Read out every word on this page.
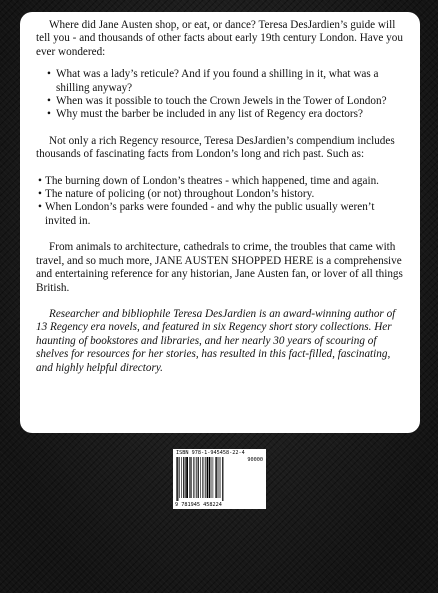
Where did Jane Austen shop, or eat, or dance? Teresa DesJardien’s guide will tell you - and thousands of other facts about early 19th century London. Have you ever wondered:

• What was a lady’s reticule? And if you found a shilling in it, what was a shilling anyway?
• When was it possible to touch the Crown Jewels in the Tower of London?
• Why must the barber be included in any list of Regency era doctors?

Not only a rich Regency resource, Teresa DesJardien’s compendium includes thousands of fascinating facts from London’s long and rich past. Such as:

• The burning down of London’s theatres - which happened, time and again.
• The nature of policing (or not) throughout London’s history.
• When London’s parks were founded - and why the public usually weren’t invited in.

From animals to architecture, cathedrals to crime, the troubles that came with travel, and so much more, JANE AUSTEN SHOPPED HERE is a comprehensive and entertaining reference for any historian, Jane Austen fan, or lover of all things British.

Researcher and bibliophile Teresa DesJardien is an award-winning author of 13 Regency era novels, and featured in six Regency short story collections. Her haunting of bookstores and libraries, and her nearly 30 years of scouring of shelves for resources for her stories, has resulted in this fact-filled, fascinating, and highly helpful directory.

ISBN 978-1-945458-22-4
90000
9 781945 458224
